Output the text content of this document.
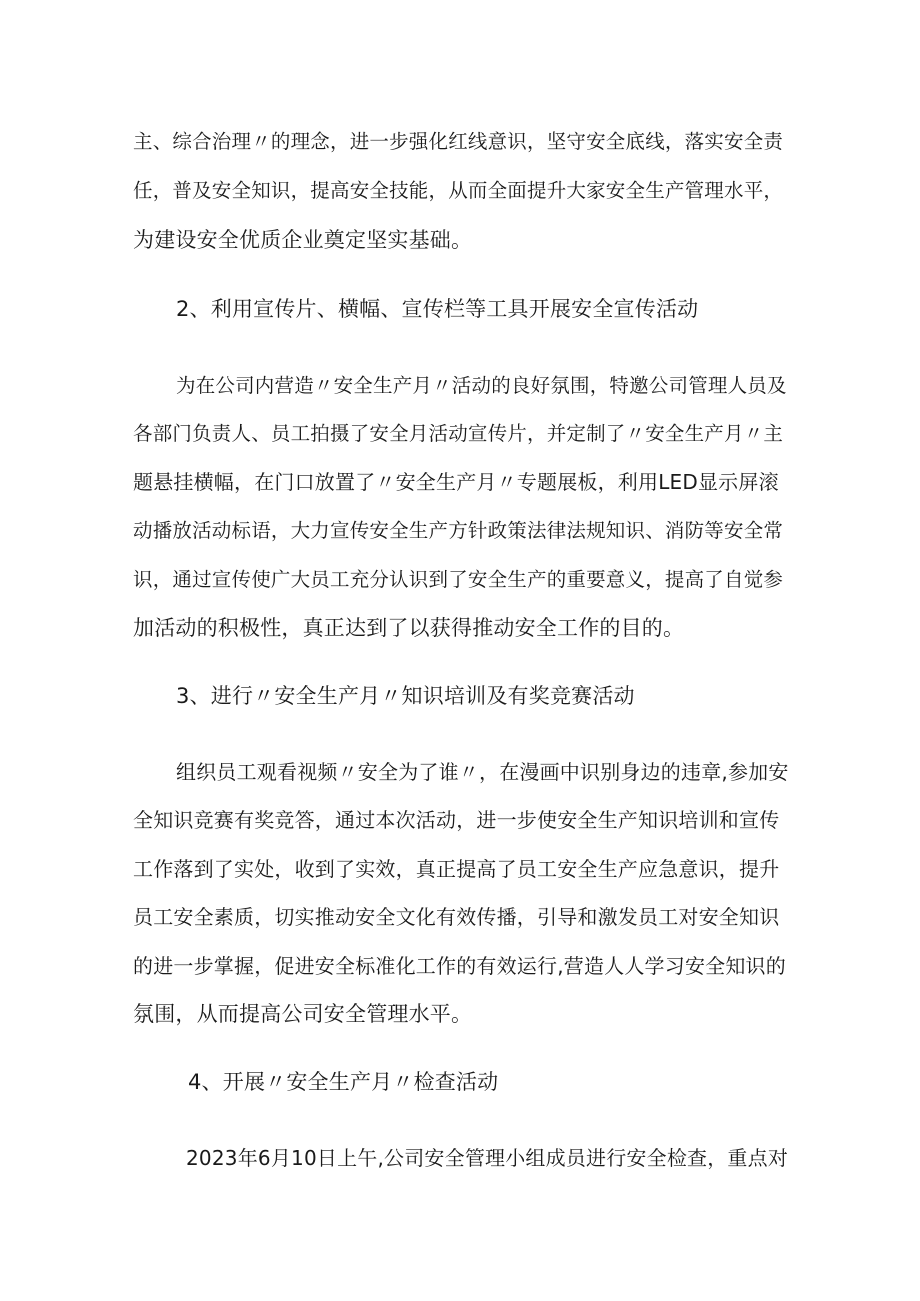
主、综合治理〃的理念，进一步强化红线意识，坚守安全底线，落实安全责
任，普及安全知识，提高安全技能，从而全面提升大家安全生产管理水平，
为建设安全优质企业奠定坚实基础。
2、利用宣传片、横幅、宣传栏等工具开展安全宣传活动
为在公司内营造〃安全生产月〃活动的良好氛围，特邀公司管理人员及
各部门负责人、员工拍摄了安全月活动宣传片，并定制了〃安全生产月〃主
题悬挂横幅，在门口放置了〃安全生产月〃专题展板，利用LED显示屏滚
动播放活动标语，大力宣传安全生产方针政策法律法规知识、消防等安全常
识，通过宣传使广大员工充分认识到了安全生产的重要意义，提高了自觉参
加活动的积极性，真正达到了以获得推动安全工作的目的。
3、进行〃安全生产月〃知识培训及有奖竞赛活动
组织员工观看视频〃安全为了谁〃，在漫画中识别身边的违章,参加安
全知识竞赛有奖竞答，通过本次活动，进一步使安全生产知识培训和宣传
工作落到了实处，收到了实效，真正提高了员工安全生产应急意识，提升
员工安全素质，切实推动安全文化有效传播，引导和激发员工对安全知识
的进一步掌握，促进安全标准化工作的有效运行,营造人人学习安全知识的
氛围，从而提高公司安全管理水平。
4、开展〃安全生产月〃检查活动
2023年6月10日上午,公司安全管理小组成员进行安全检查，重点对
